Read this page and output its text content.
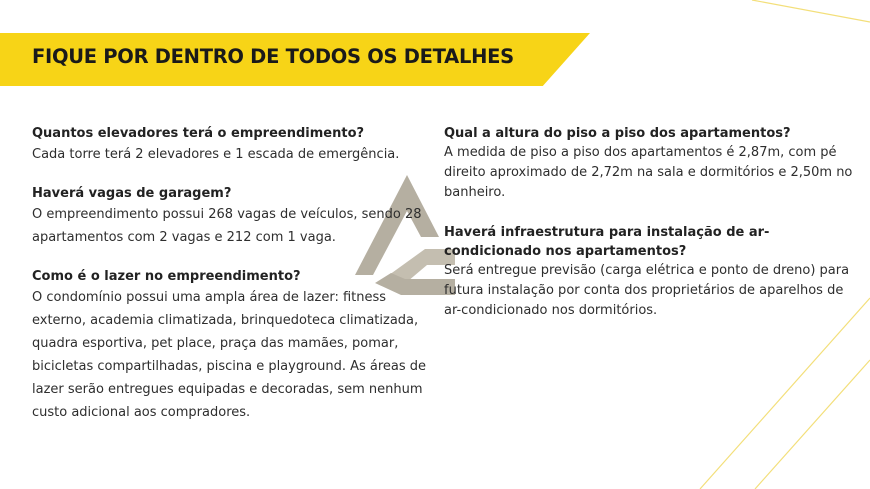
FIQUE POR DENTRO DE TODOS OS DETALHES

Quantos elevadores terá o empreendimento?

Cada torre terá 2 elevadores e 1 escada de emergência.

Haverá vagas de garagem?

O empreendimento possui 268 vagas de veículos, sendo 28 apartamentos com 2 vagas e 212 com 1 vaga.

Como é o lazer no empreendimento?

O condomínio possui uma ampla área de lazer: fitness externo, academia climatizada, brinquedoteca climatizada, quadra esportiva, pet place, praça das mamães, pomar, bicicletas compartilhadas, piscina e playground. As áreas de lazer serão entregues equipadas e decoradas, sem nenhum custo adicional aos compradores.

Qual a altura do piso a piso dos apartamentos?

A medida de piso a piso dos apartamentos é 2,87m, com pé direito aproximado de 2,72m na sala e dormitórios e 2,50m no banheiro.

Haverá infraestrutura para instalação de ar-condicionado nos apartamentos?

Será entregue previsão (carga elétrica e ponto de dreno) para futura instalação por conta dos proprietários de aparelhos de ar-condicionado nos dormitórios.
